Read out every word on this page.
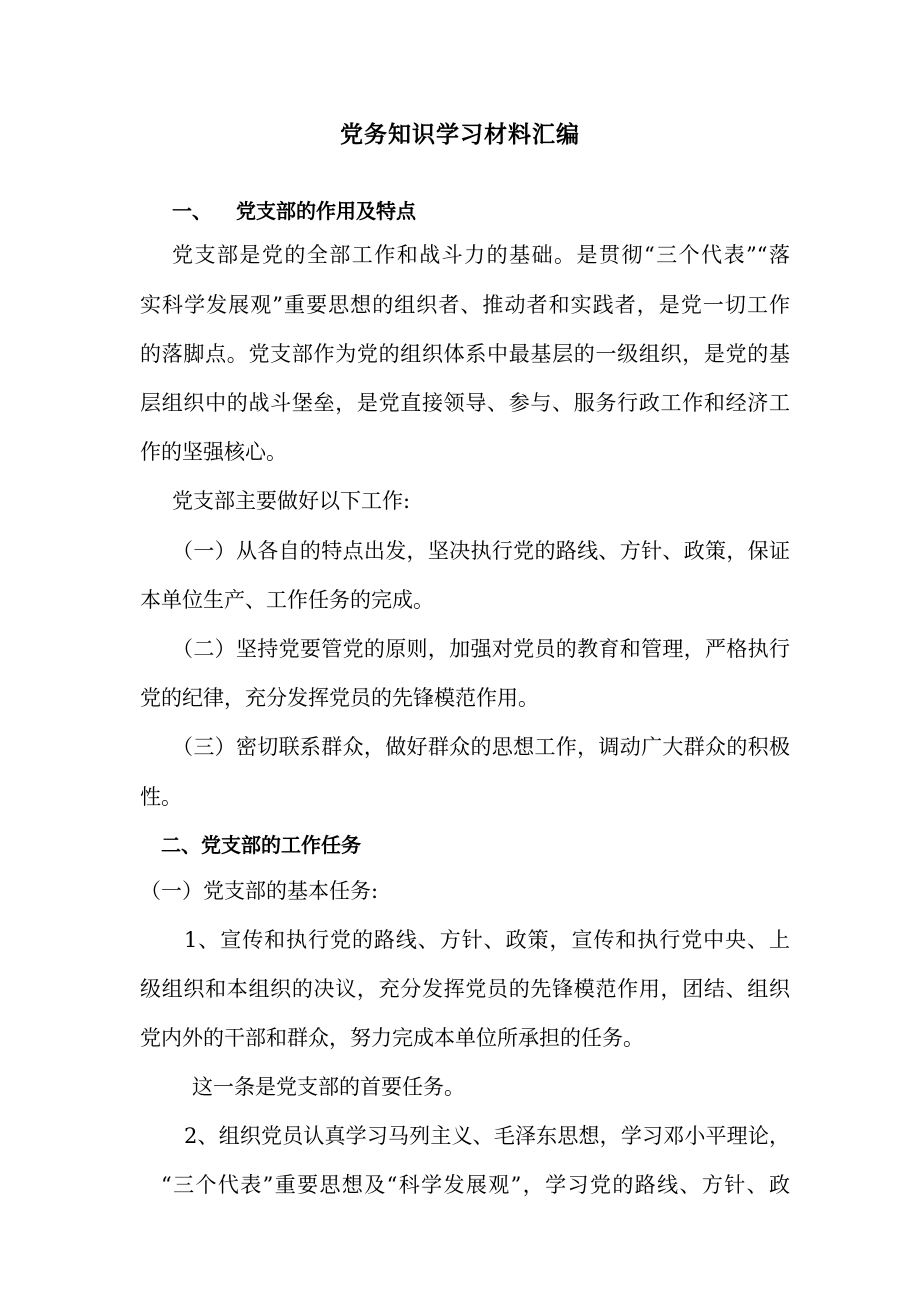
党务知识学习材料汇编
一、 党支部的作用及特点
党支部是党的全部工作和战斗力的基础。是贯彻“三个代表”“落
实科学发展观”重要思想的组织者、推动者和实践者，是党一切工作
的落脚点。党支部作为党的组织体系中最基层的一级组织，是党的基
层组织中的战斗堡垒，是党直接领导、参与、服务行政工作和经济工
作的坚强核心。
党支部主要做好以下工作:
（一）从各自的特点出发，坚决执行党的路线、方针、政策，保证
本单位生产、工作任务的完成。
（二）坚持党要管党的原则，加强对党员的教育和管理，严格执行
党的纪律，充分发挥党员的先锋模范作用。
（三）密切联系群众，做好群众的思想工作，调动广大群众的积极
性。
二、党支部的工作任务
（一）党支部的基本任务:
1、宣传和执行党的路线、方针、政策，宣传和执行党中央、上
级组织和本组织的决议，充分发挥党员的先锋模范作用，团结、组织
党内外的干部和群众，努力完成本单位所承担的任务。
这一条是党支部的首要任务。
2、组织党员认真学习马列主义、毛泽东思想，学习邓小平理论，
“三个代表”重要思想及“科学发展观”，学习党的路线、方针、政
